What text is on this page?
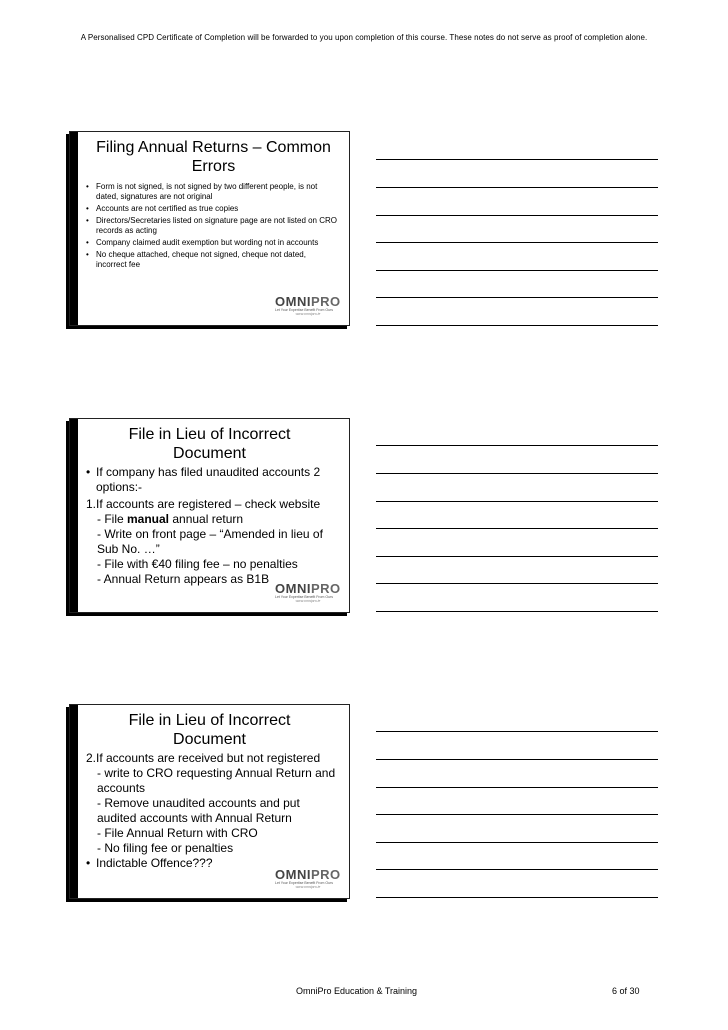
A Personalised CPD Certificate of Completion will be forwarded to you upon completion of this course. These notes do not serve as proof of completion alone.
Filing Annual Returns – Common Errors
• Form is not signed, is not signed by two different people, is not dated, signatures are not original
• Accounts are not certified as true copies
• Directors/Secretaries listed on signature page are not listed on CRO records as acting
• Company claimed audit exemption but wording not in accounts
• No cheque attached, cheque not signed, cheque not dated, incorrect fee
OMNIPRO
Let Your Expertise Benefit From Ours
www.omnipro.ie
File in Lieu of Incorrect Document
• If company has filed unaudited accounts 2 options:-
1.If accounts are registered – check website
- File manual annual return
- Write on front page – “Amended in lieu of Sub No. …”
- File with €40 filing fee – no penalties
- Annual Return appears as B1B
OMNIPRO
Let Your Expertise Benefit From Ours
www.omnipro.ie
File in Lieu of Incorrect Document
2.If accounts are received but not registered
- write to CRO requesting Annual Return and accounts
- Remove unaudited accounts and put audited accounts with Annual Return
- File Annual Return with CRO
- No filing fee or penalties
• Indictable Offence???
OMNIPRO
Let Your Expertise Benefit From Ours
www.omnipro.ie
OmniPro Education & Training	6 of 30
